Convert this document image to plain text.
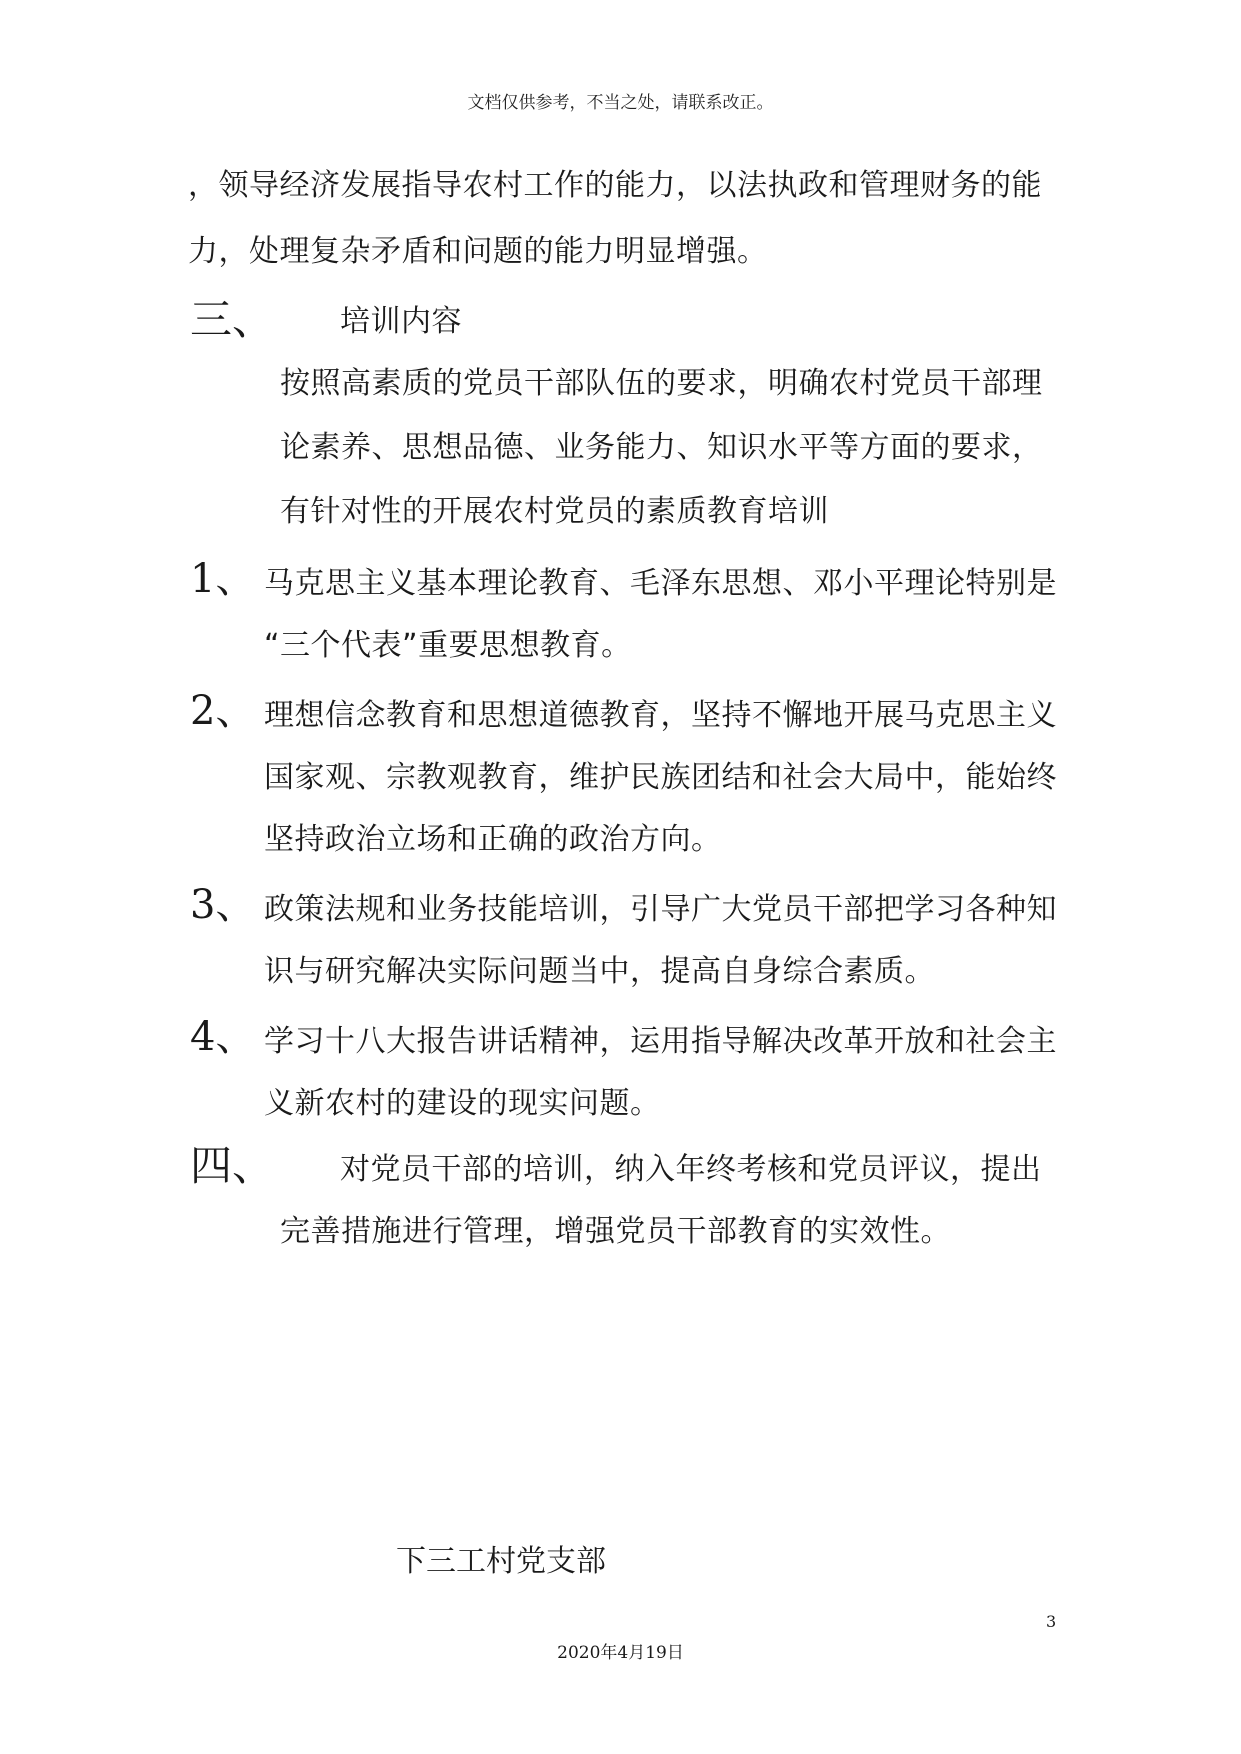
文档仅供参考，不当之处，请联系改正。
，领导经济发展指导农村工作的能力，以法执政和管理财务的能
力，处理复杂矛盾和问题的能力明显增强。
三、 培训内容
按照高素质的党员干部队伍的要求，明确农村党员干部理
论素养、思想品德、业务能力、知识水平等方面的要求，
有针对性的开展农村党员的素质教育培训
1、 马克思主义基本理论教育、毛泽东思想、邓小平理论特别是
“三个代表”重要思想教育。
2、 理想信念教育和思想道德教育，坚持不懈地开展马克思主义
国家观、宗教观教育，维护民族团结和社会大局中，能始终
坚持政治立场和正确的政治方向。
3、 政策法规和业务技能培训，引导广大党员干部把学习各种知
识与研究解决实际问题当中，提高自身综合素质。
4、 学习十八大报告讲话精神，运用指导解决改革开放和社会主
义新农村的建设的现实问题。
四、 对党员干部的培训，纳入年终考核和党员评议，提出
完善措施进行管理，增强党员干部教育的实效性。
下三工村党支部
3
2020年4月19日
